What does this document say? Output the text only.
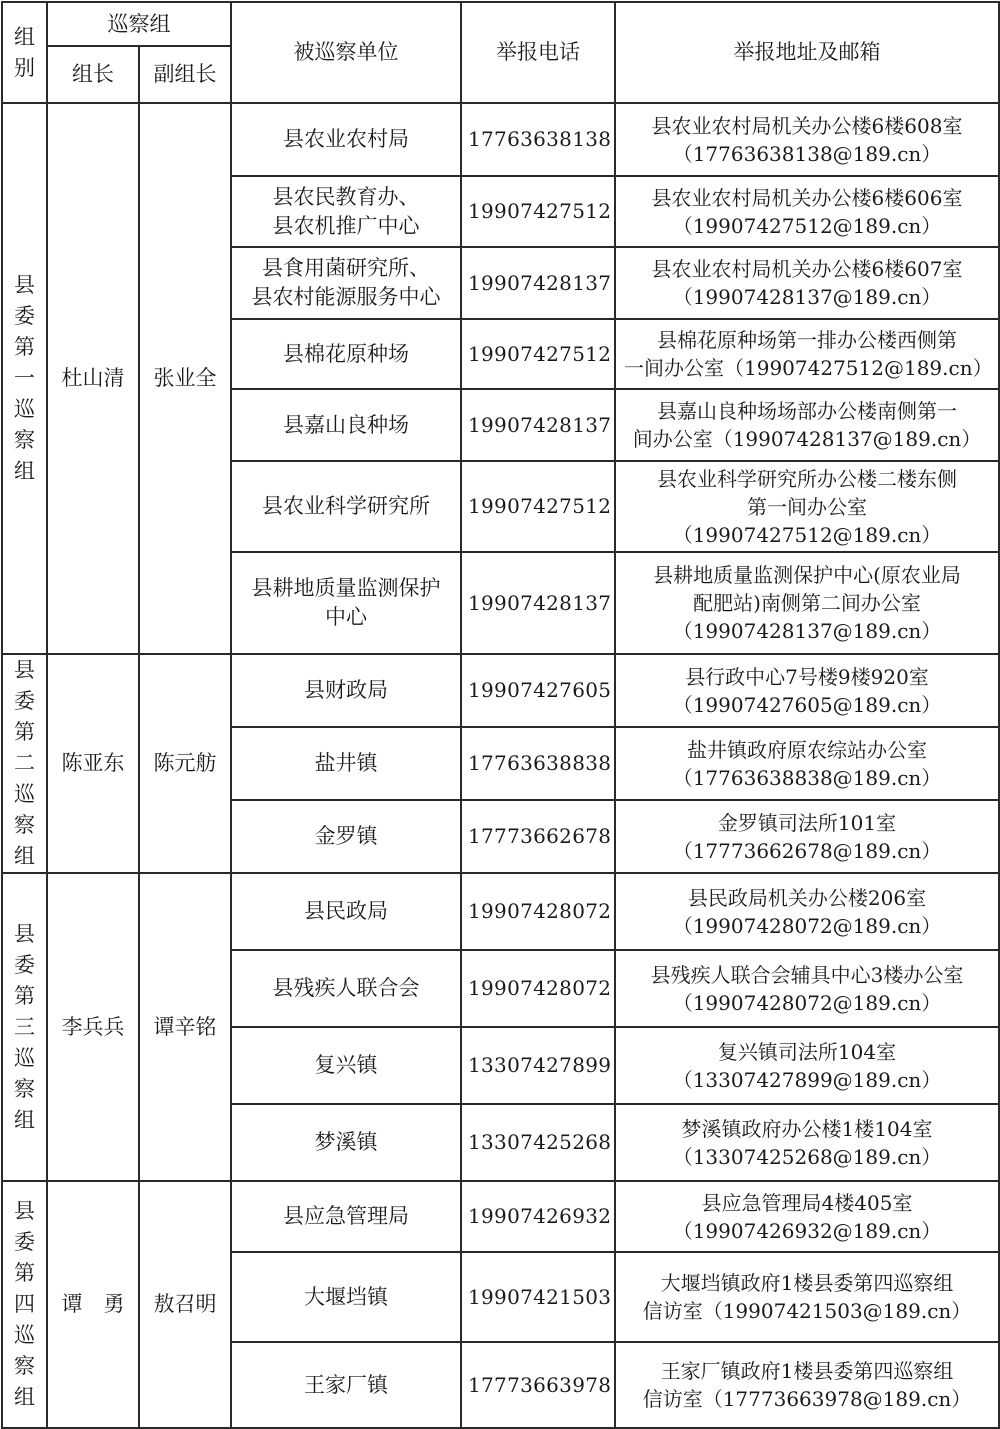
组别	巡察组		被巡察单位	举报电话	举报地址及邮箱
	组长	副组长			
县委第一巡察组	杜山清	张业全	县农业农村局	17763638138	县农业农村局机关办公楼6楼608室
（17763638138@189.cn）

			县农民教育办、
县农机推广中心	19907427512	县农业农村局机关办公楼6楼606室
（19907427512@189.cn）

			县食用菌研究所、
县农村能源服务中心	19907428137	县农业农村局机关办公楼6楼607室
（19907428137@189.cn）

			县棉花原种场	19907427512	县棉花原种场第一排办公楼西侧第
一间办公室（19907427512@189.cn）

			县嘉山良种场	19907428137	县嘉山良种场场部办公楼南侧第一
间办公室（19907428137@189.cn）

			县农业科学研究所	19907427512	县农业科学研究所办公楼二楼东侧
第一间办公室
（19907427512@189.cn）

			县耕地质量监测保护
中心	19907428137	县耕地质量监测保护中心(原农业局
配肥站)南侧第二间办公室
（19907428137@189.cn）

县委第二巡察组	陈亚东	陈元舫	县财政局	19907427605	县行政中心7号楼9楼920室
（19907427605@189.cn）

			盐井镇	17763638838	盐井镇政府原农综站办公室
（17763638838@189.cn）

			金罗镇	17773662678	金罗镇司法所101室
（17773662678@189.cn）

县委第三巡察组	李兵兵	谭辛铭	县民政局	19907428072	县民政局机关办公楼206室
（19907428072@189.cn）

			县残疾人联合会	19907428072	县残疾人联合会辅具中心3楼办公室
（19907428072@189.cn）

			复兴镇	13307427899	复兴镇司法所104室
（13307427899@189.cn）

			梦溪镇	13307425268	梦溪镇政府办公楼1楼104室
（13307425268@189.cn）

县委第四巡察组	谭　勇	敖召明	县应急管理局	19907426932	县应急管理局4楼405室
（19907426932@189.cn）

			大堰垱镇	19907421503	大堰垱镇政府1楼县委第四巡察组
信访室（19907421503@189.cn）

			王家厂镇	17773663978	王家厂镇政府1楼县委第四巡察组
信访室（17773663978@189.cn）
